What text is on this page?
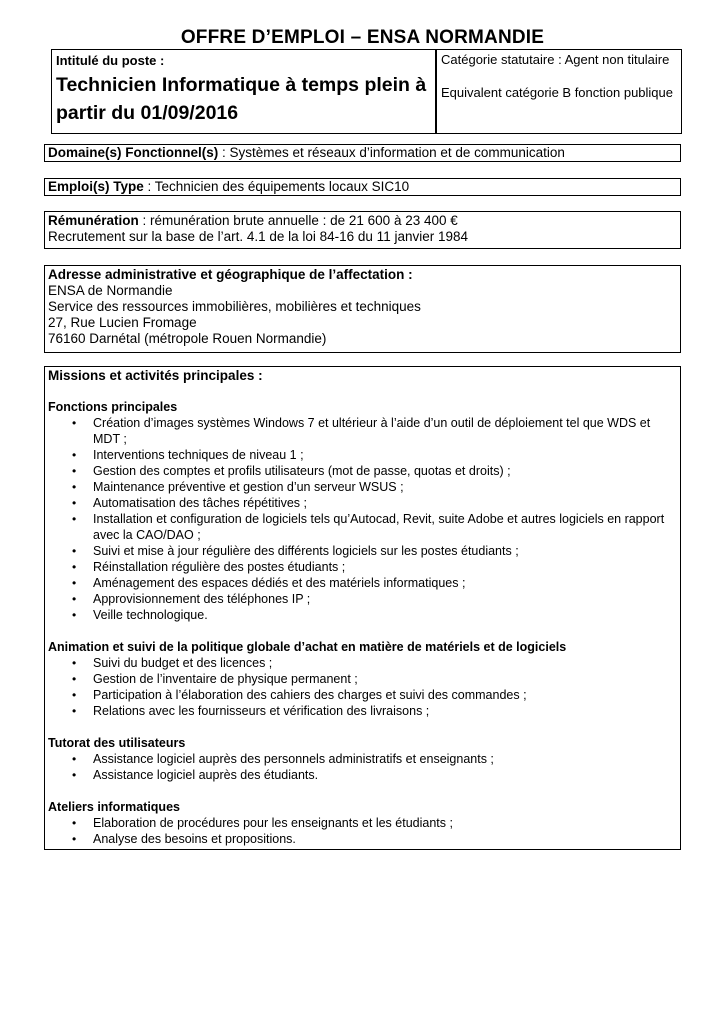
OFFRE D’EMPLOI – ENSA NORMANDIE
Intitulé du poste :
Technicien Informatique à temps plein à partir du 01/09/2016
Catégorie statutaire : Agent non titulaire
Equivalent catégorie B fonction publique
Domaine(s) Fonctionnel(s) : Systèmes et réseaux d’information et de communication
Emploi(s) Type : Technicien des équipements locaux SIC10
Rémunération : rémunération brute annuelle : de 21 600 à 23 400 €
Recrutement sur la base de l’art. 4.1 de la loi 84-16 du 11 janvier 1984
Adresse administrative et géographique de l’affectation :
ENSA de Normandie
Service des ressources immobilières, mobilières et techniques
27, Rue Lucien Fromage
76160 Darnétal (métropole Rouen Normandie)
Missions et activités principales :
Fonctions principales
• Création d’images systèmes Windows 7 et ultérieur à l’aide d’un outil de déploiement tel que WDS et MDT ;
• Interventions techniques de niveau 1 ;
• Gestion des comptes et profils utilisateurs (mot de passe, quotas et droits) ;
• Maintenance préventive et gestion d’un serveur WSUS ;
• Automatisation des tâches répétitives ;
• Installation et configuration de logiciels tels qu’Autocad, Revit, suite Adobe et autres logiciels en rapport avec la CAO/DAO ;
• Suivi et mise à jour régulière des différents logiciels sur les postes étudiants ;
• Réinstallation régulière des postes étudiants ;
• Aménagement des espaces dédiés et des matériels informatiques ;
• Approvisionnement des téléphones IP ;
• Veille technologique.
Animation et suivi de la politique globale d’achat en matière de matériels et de logiciels
• Suivi du budget et des licences ;
• Gestion de l’inventaire de physique permanent ;
• Participation à l’élaboration des cahiers des charges et suivi des commandes ;
• Relations avec les fournisseurs et vérification des livraisons ;
Tutorat des utilisateurs
• Assistance logiciel auprès des personnels administratifs et enseignants ;
• Assistance logiciel auprès des étudiants.
Ateliers informatiques
• Elaboration de procédures pour les enseignants et les étudiants ;
• Analyse des besoins et propositions.
